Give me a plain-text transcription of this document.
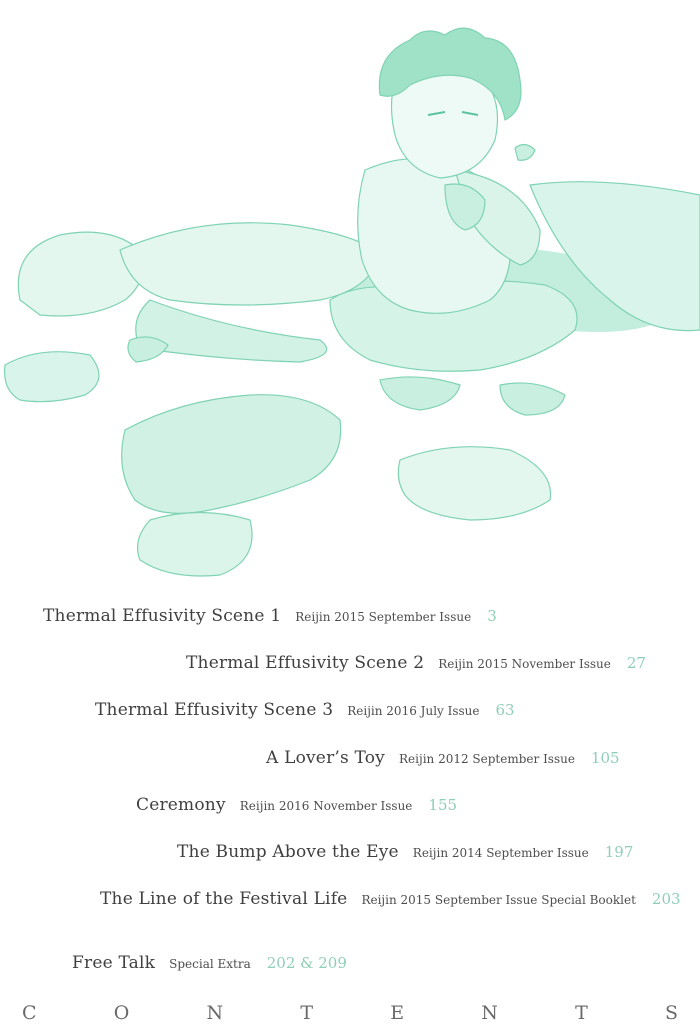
Thermal Effusivity Scene 1 Reijin 2015 September Issue 3
Thermal Effusivity Scene 2 Reijin 2015 November Issue 27
Thermal Effusivity Scene 3 Reijin 2016 July Issue 63
A Lover’s Toy Reijin 2012 September Issue 105
Ceremony Reijin 2016 November Issue 155
The Bump Above the Eye Reijin 2014 September Issue 197
The Line of the Festival Life Reijin 2015 September Issue Special Booklet 203
Free Talk Special Extra 202 & 209
C	O	N	T	E	N	T	S
